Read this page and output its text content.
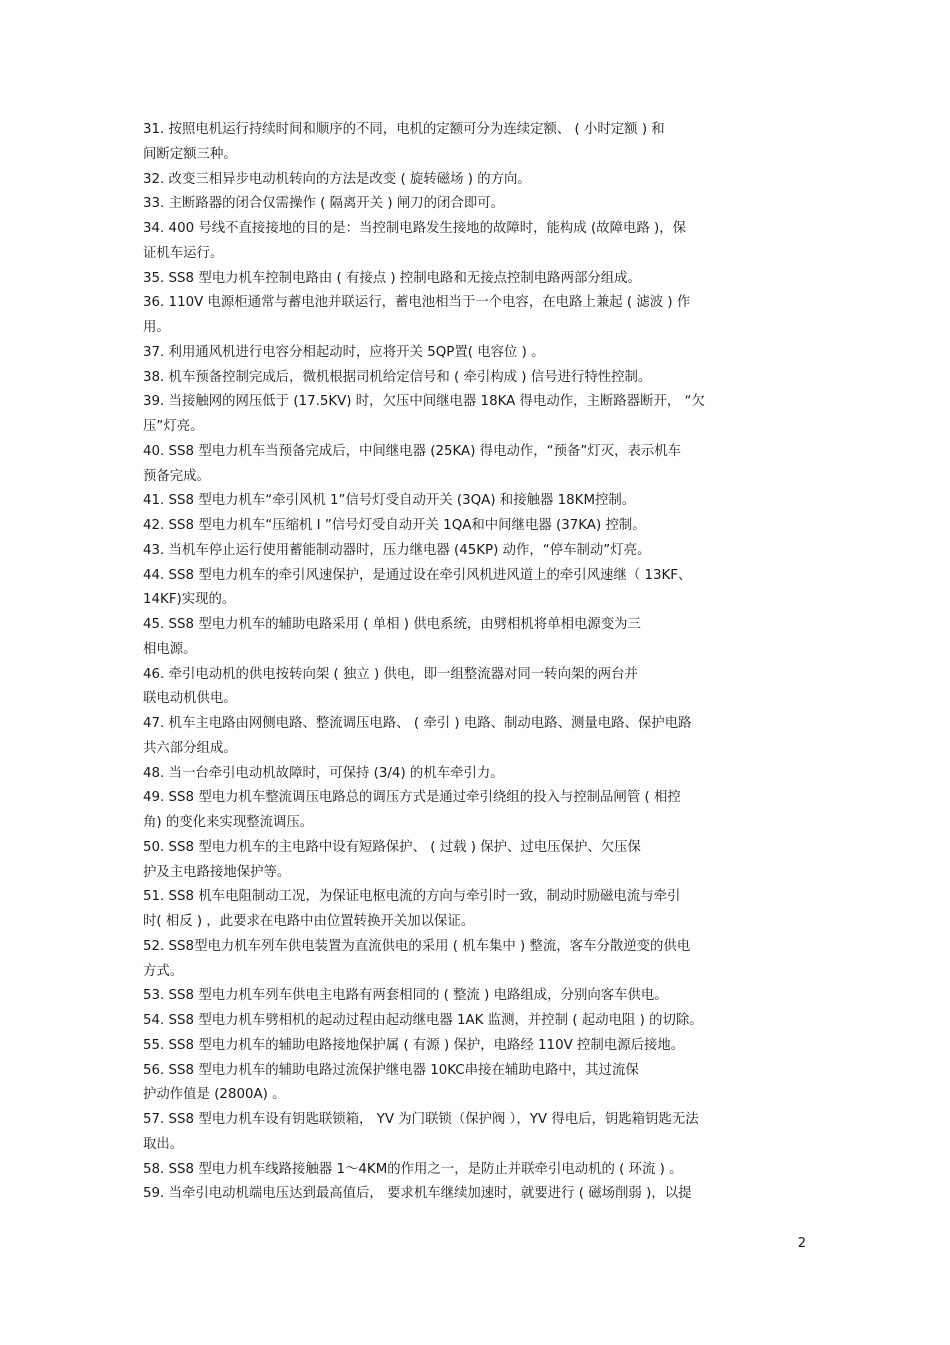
31. 按照电机运行持续时间和顺序的不同，电机的定额可分为连续定额、 ( 小时定额 ) 和
间断定额三种。
32. 改变三相异步电动机转向的方法是改变 ( 旋转磁场 ) 的方向。
33. 主断路器的闭合仅需操作 ( 隔离开关 ) 闸刀的闭合即可。
34. 400 号线不直接接地的目的是：当控制电路发生接地的故障时，能构成 (故障电路 )，保
证机车运行。
35. SS8 型电力机车控制电路由 ( 有接点 ) 控制电路和无接点控制电路两部分组成。
36. 110V 电源柜通常与蓄电池并联运行，蓄电池相当于一个电容，在电路上兼起 ( 滤波 ) 作
用。
37. 利用通风机进行电容分相起动时，应将开关 5QP置( 电容位 ) 。
38. 机车预备控制完成后，微机根据司机给定信号和 ( 牵引构成 ) 信号进行特性控制。
39. 当接触网的网压低于 (17.5KV) 时，欠压中间继电器 18KA 得电动作，主断路器断开， “欠
压”灯亮。
40. SS8 型电力机车当预备完成后，中间继电器 (25KA) 得电动作，“预备”灯灭，表示机车
预备完成。
41. SS8 型电力机车“牵引风机 1”信号灯受自动开关 (3QA) 和接触器 18KM控制。
42. SS8 型电力机车“压缩机 I ”信号灯受自动开关 1QA和中间继电器 (37KA) 控制。
43. 当机车停止运行使用蓄能制动器时，压力继电器 (45KP) 动作，“停车制动”灯亮。
44. SS8 型电力机车的牵引风速保护，是通过设在牵引风机进风道上的牵引风速继（ 13KF、
14KF)实现的。
45. SS8 型电力机车的辅助电路采用 ( 单相 ) 供电系统，由劈相机将单相电源变为三
相电源。
46. 牵引电动机的供电按转向架 ( 独立 ) 供电，即一组整流器对同一转向架的两台并
联电动机供电。
47. 机车主电路由网侧电路、整流调压电路、 ( 牵引 ) 电路、制动电路、测量电路、保护电路
共六部分组成。
48. 当一台牵引电动机故障时，可保持 (3/4) 的机车牵引力。
49. SS8 型电力机车整流调压电路总的调压方式是通过牵引绕组的投入与控制品闸管 ( 相控
角) 的变化来实现整流调压。
50. SS8 型电力机车的主电路中设有短路保护、 ( 过载 ) 保护、过电压保护、欠压保
护及主电路接地保护等。
51. SS8 机车电阻制动工况，为保证电枢电流的方向与牵引时一致，制动时励磁电流与牵引
时( 相反 ) ，此要求在电路中由位置转换开关加以保证。
52. SS8型电力机车列车供电装置为直流供电的采用 ( 机车集中 ) 整流，客车分散逆变的供电
方式。
53. SS8 型电力机车列车供电主电路有两套相同的 ( 整流 ) 电路组成，分别向客车供电。
54. SS8 型电力机车劈相机的起动过程由起动继电器 1AK 监测，并控制 ( 起动电阻 ) 的切除。
55. SS8 型电力机车的辅助电路接地保护属 ( 有源 ) 保护，电路经 110V 控制电源后接地。
56. SS8 型电力机车的辅助电路过流保护继电器 10KC串接在辅助电路中，其过流保
护动作值是 (2800A) 。
57. SS8 型电力机车设有钥匙联锁箱， YV 为门联锁（保护阀 ），YV 得电后，钥匙箱钥匙无法
取出。
58. SS8 型电力机车线路接触器 1～4KM的作用之一，是防止并联牵引电动机的 ( 环流 ) 。
59. 当牵引电动机端电压达到最高值后， 要求机车继续加速时，就要进行 ( 磁场削弱 )，以提
2
